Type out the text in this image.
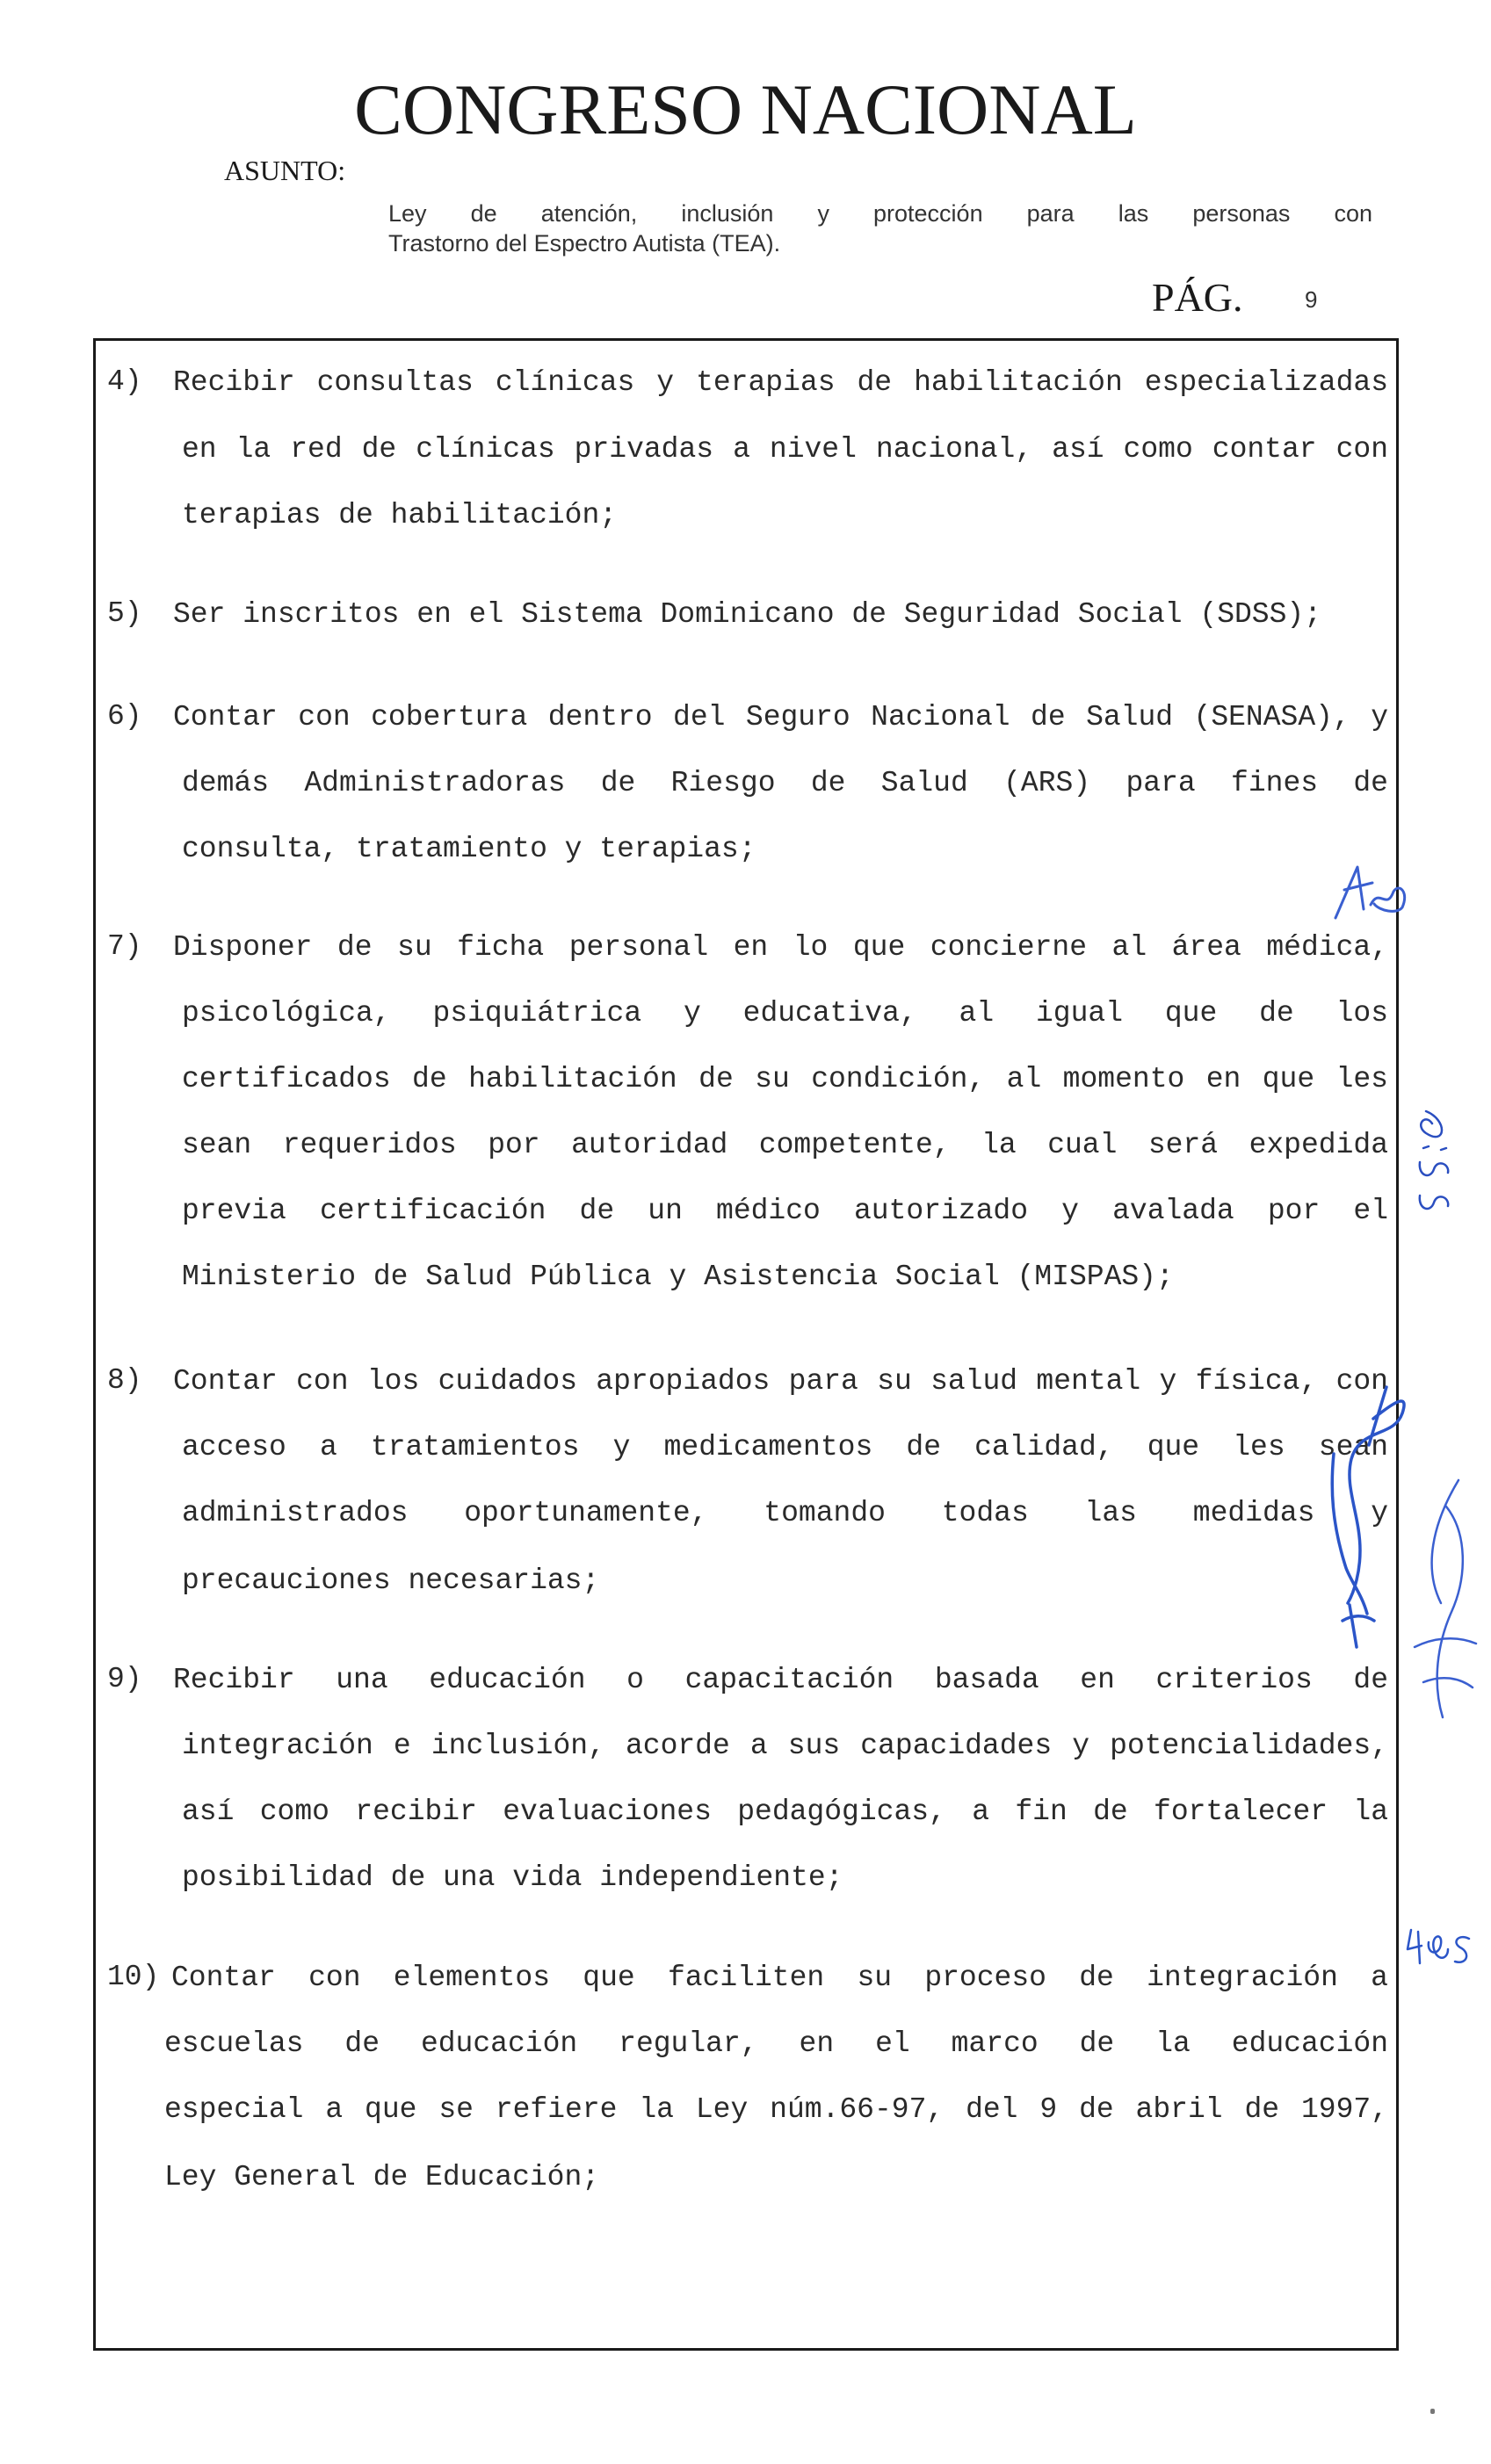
CONGRESO NACIONAL
ASUNTO:
Ley de atención, inclusión y protección para las personas con
Trastorno del Espectro Autista (TEA).
PÁG.	9
4) Recibir consultas clínicas y terapias de habilitación especializadas
en la red de clínicas privadas a nivel nacional, así como contar con
terapias de habilitación;
5) Ser inscritos en el Sistema Dominicano de Seguridad Social (SDSS);
6) Contar con cobertura dentro del Seguro Nacional de Salud (SENASA), y
demás Administradoras de Riesgo de Salud (ARS) para fines de
consulta, tratamiento y terapias;
7) Disponer de su ficha personal en lo que concierne al área médica,
psicológica, psiquiátrica y educativa, al igual que de los
certificados de habilitación de su condición, al momento en que les
sean requeridos por autoridad competente, la cual será expedida
previa certificación de un médico autorizado y avalada por el
Ministerio de Salud Pública y Asistencia Social (MISPAS);
8) Contar con los cuidados apropiados para su salud mental y física, con
acceso a tratamientos y medicamentos de calidad, que les sean
administrados oportunamente, tomando todas las medidas y
precauciones necesarias;
9) Recibir una educación o capacitación basada en criterios de
integración e inclusión, acorde a sus capacidades y potencialidades,
así como recibir evaluaciones pedagógicas, a fin de fortalecer la
posibilidad de una vida independiente;
10) Contar con elementos que faciliten su proceso de integración a
escuelas de educación regular, en el marco de la educación
especial a que se refiere la Ley núm.66-97, del 9 de abril de 1997,
Ley General de Educación;
